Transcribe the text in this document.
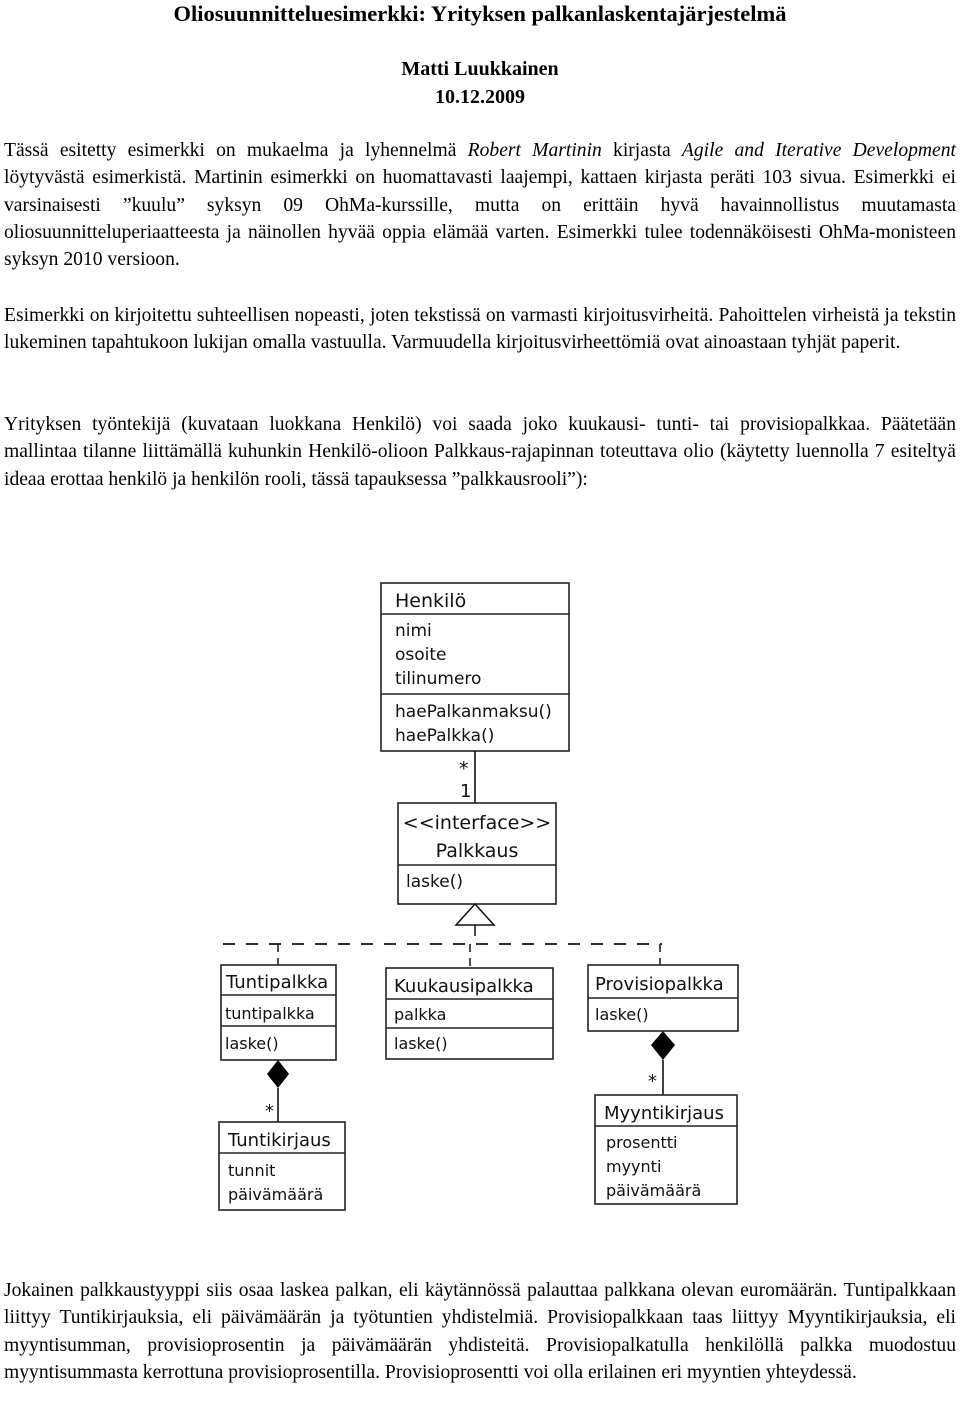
Oliosuunnitteluesimerkki: Yrityksen palkanlaskentajärjestelmä
Matti Luukkainen
10.12.2009
Tässä esitetty esimerkki on mukaelma ja lyhennelmä Robert Martinin kirjasta Agile and Iterative Development löytyvästä esimerkistä. Martinin esimerkki on huomattavasti laajempi, kattaen kirjasta peräti 103 sivua. Esimerkki ei varsinaisesti ”kuulu” syksyn 09 OhMa-kurssille, mutta on erittäin hyvä havainnollistus muutamasta oliosuunnitteluperiaatteesta ja näinollen hyvää oppia elämää varten. Esimerkki tulee todennäköisesti OhMa-monisteen syksyn 2010 versioon.
Esimerkki on kirjoitettu suhteellisen nopeasti, joten tekstissä on varmasti kirjoitusvirheitä. Pahoittelen virheistä ja tekstin lukeminen tapahtukoon lukijan omalla vastuulla. Varmuudella kirjoitusvirheettömiä ovat ainoastaan tyhjät paperit.
Yrityksen työntekijä (kuvataan luokkana Henkilö) voi saada joko kuukausi- tunti- tai provisiopalkkaa. Päätetään mallintaa tilanne liittämällä kuhunkin Henkilö-olioon Palkkaus-rajapinnan toteuttava olio (käytetty luennolla 7 esiteltyä ideaa erottaa henkilö ja henkilön rooli, tässä tapauksessa ”palkkausrooli”):
Henkilö
nimi
osoite
tilinumero
haePalkanmaksu()
haePalkka()
*
1
<<interface>>
Palkkaus
laske()
Tuntipalkka
tuntipalkka
laske()
Kuukausipalkka
palkka
laske()
Provisiopalkka
laske()
*
*
Tuntikirjaus
tunnit
päivämäärä
Myyntikirjaus
prosentti
myynti
päivämäärä
Jokainen palkkaustyyppi siis osaa laskea palkan, eli käytännössä palauttaa palkkana olevan euromäärän. Tuntipalkkaan liittyy Tuntikirjauksia, eli päivämäärän ja työtuntien yhdistelmiä. Provisiopalkkaan taas liittyy Myyntikirjauksia, eli myyntisumman, provisioprosentin ja päivämäärän yhdisteitä. Provisiopalkatulla henkilöllä palkka muodostuu myyntisummasta kerrottuna provisioprosentilla. Provisioprosentti voi olla erilainen eri myyntien yhteydessä.
